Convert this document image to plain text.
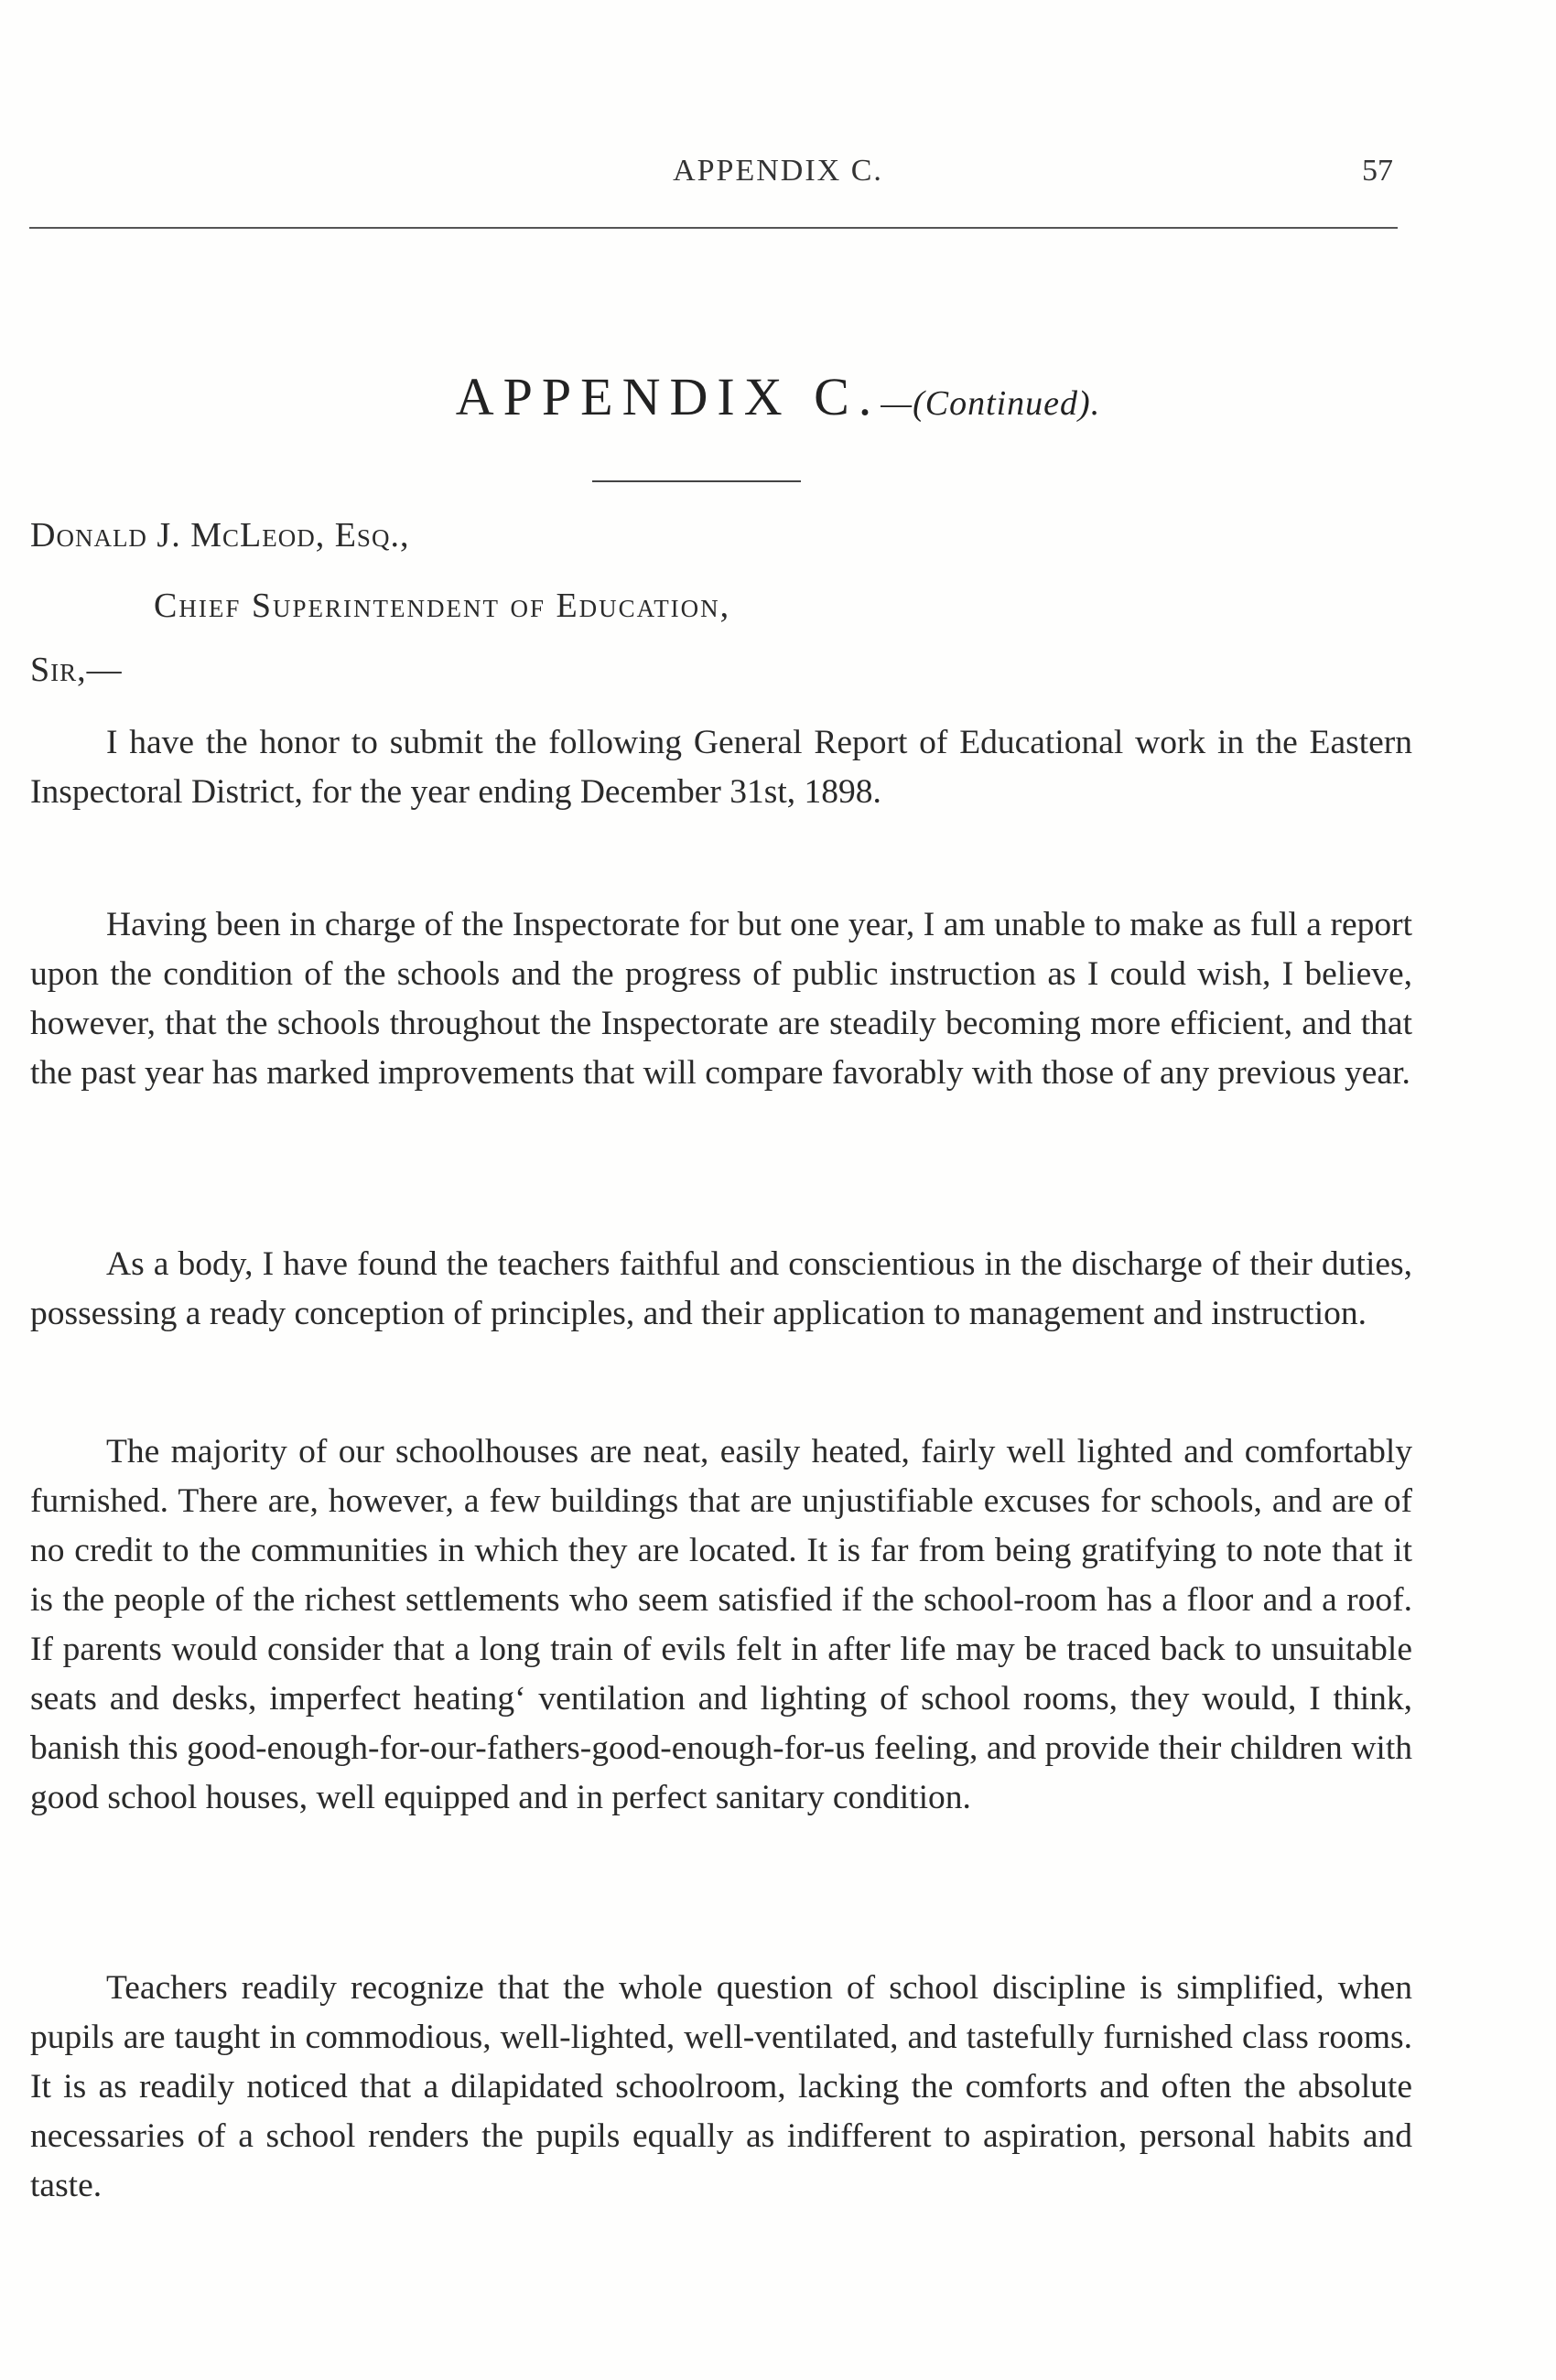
APPENDIX C.	57
APPENDIX C.—(Continued).
Donald J. McLeod, Esq.,
Chief Superintendent of Education,
Sir,—

I have the honor to submit the following General Report of Educational work in the Eastern Inspectoral District, for the year ending December 31st, 1898.

Having been in charge of the Inspectorate for but one year, I am unable to make as full a report upon the condition of the schools and the progress of public instruction as I could wish, I believe, however, that the schools throughout the Inspectorate are steadily becoming more efficient, and that the past year has marked improvements that will compare favorably with those of any previous year.

As a body, I have found the teachers faithful and conscientious in the discharge of their duties, possessing a ready conception of principles, and their application to management and instruction.

The majority of our schoolhouses are neat, easily heated, fairly well lighted and comfortably furnished. There are, however, a few buildings that are unjustifiable excuses for schools, and are of no credit to the communities in which they are located. It is far from being gratifying to note that it is the people of the richest settlements who seem satisfied if the school-room has a floor and a roof. If parents would consider that a long train of evils felt in after life may be traced back to unsuitable seats and desks, imperfect heating‘ ventilation and lighting of school rooms, they would, I think, banish this good-enough-for-our-fathers-good-enough-for-us feeling, and provide their children with good school houses, well equipped and in perfect sanitary condition.

Teachers readily recognize that the whole question of school discipline is simplified, when pupils are taught in commodious, well-lighted, well-ventilated, and tastefully furnished class rooms. It is as readily noticed that a dilapidated schoolroom, lacking the comforts and often the absolute necessaries of a school renders the pupils equally as indifferent to aspiration, personal habits and taste.
